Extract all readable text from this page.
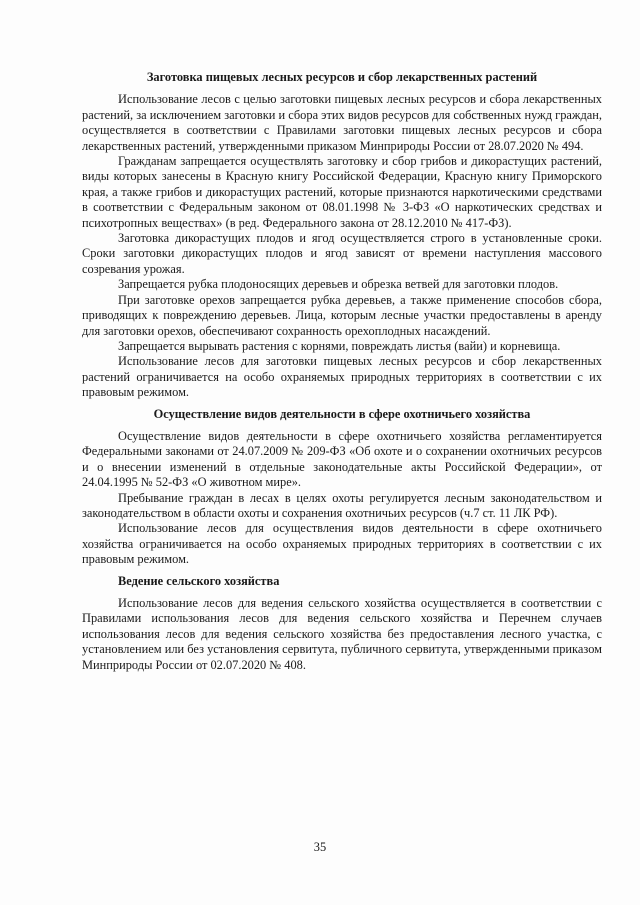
Заготовка пищевых лесных ресурсов и сбор лекарственных растений

Использование лесов с целью заготовки пищевых лесных ресурсов и сбора лекарственных растений, за исключением заготовки и сбора этих видов ресурсов для собственных нужд граждан, осуществляется в соответствии с Правилами заготовки пищевых лесных ресурсов и сбора лекарственных растений, утвержденными приказом Минприроды России от 28.07.2020 № 494.

Гражданам запрещается осуществлять заготовку и сбор грибов и дикорастущих растений, виды которых занесены в Красную книгу Российской Федерации, Красную книгу Приморского края, а также грибов и дикорастущих растений, которые признаются наркотическими средствами в соответствии с Федеральным законом от 08.01.1998 № 3-ФЗ «О наркотических средствах и психотропных веществах» (в ред. Федерального закона от 28.12.2010 № 417-ФЗ).

Заготовка дикорастущих плодов и ягод осуществляется строго в установленные сроки. Сроки заготовки дикорастущих плодов и ягод зависят от времени наступления массового созревания урожая.

Запрещается рубка плодоносящих деревьев и обрезка ветвей для заготовки плодов.

При заготовке орехов запрещается рубка деревьев, а также применение способов сбора, приводящих к повреждению деревьев. Лица, которым лесные участки предоставлены в аренду для заготовки орехов, обеспечивают сохранность орехоплодных насаждений.

Запрещается вырывать растения с корнями, повреждать листья (вайи) и корневища.

Использование лесов для заготовки пищевых лесных ресурсов и сбор лекарственных растений ограничивается на особо охраняемых природных территориях в соответствии с их правовым режимом.

Осуществление видов деятельности в сфере охотничьего хозяйства

Осуществление видов деятельности в сфере охотничьего хозяйства регламентируется Федеральными законами от 24.07.2009 № 209-ФЗ «Об охоте и о сохранении охотничьих ресурсов и о внесении изменений в отдельные законодательные акты Российской Федерации», от 24.04.1995 № 52-ФЗ «О животном мире».

Пребывание граждан в лесах в целях охоты регулируется лесным законодательством и законодательством в области охоты и сохранения охотничьих ресурсов (ч.7 ст. 11 ЛК РФ).

Использование лесов для осуществления видов деятельности в сфере охотничьего хозяйства ограничивается на особо охраняемых природных территориях в соответствии с их правовым режимом.

Ведение сельского хозяйства

Использование лесов для ведения сельского хозяйства осуществляется в соответствии с Правилами использования лесов для ведения сельского хозяйства и Перечнем случаев использования лесов для ведения сельского хозяйства без предоставления лесного участка, с установлением или без установления сервитута, публичного сервитута, утвержденными приказом Минприроды России от 02.07.2020 № 408.

35
